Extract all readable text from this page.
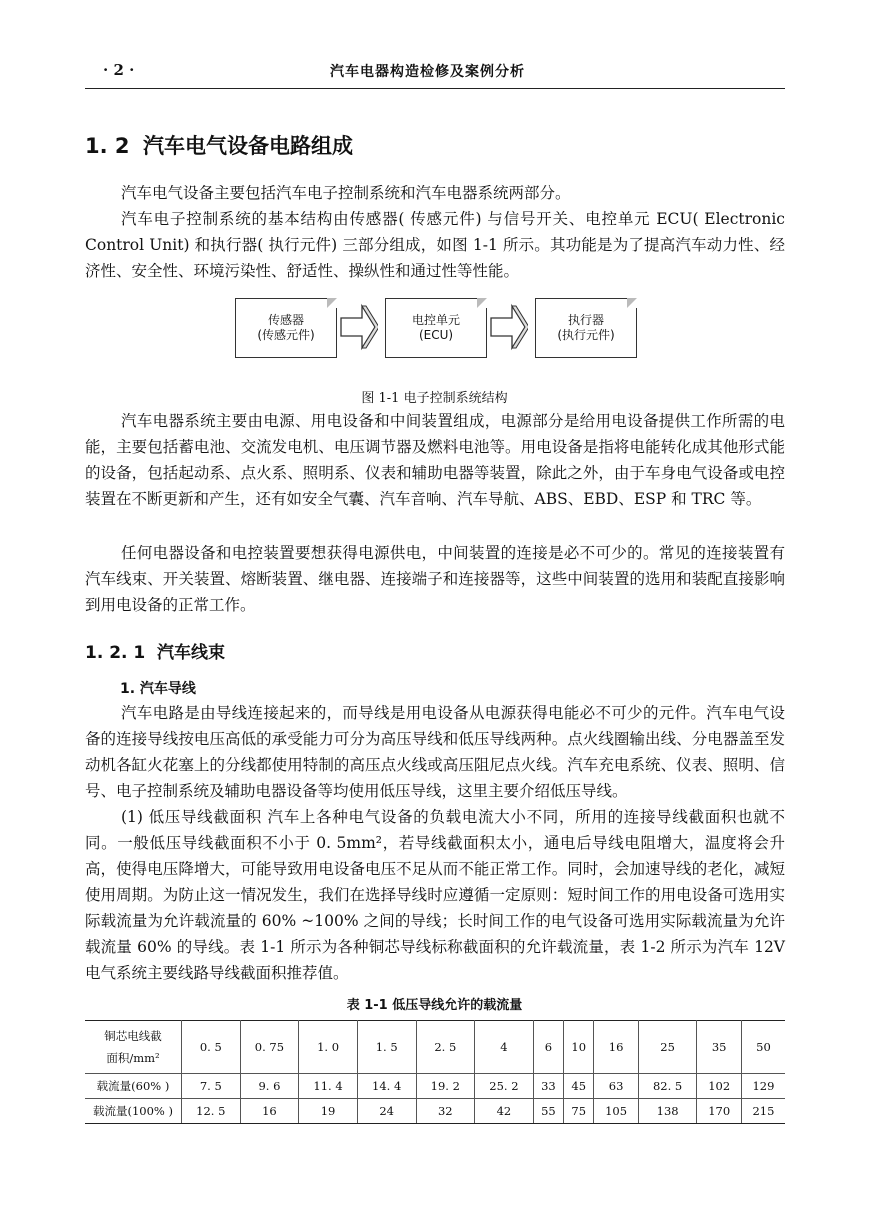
· 2 ·	汽车电器构造检修及案例分析
1. 2 汽车电气设备电路组成
汽车电气设备主要包括汽车电子控制系统和汽车电器系统两部分。
汽车电子控制系统的基本结构由传感器( 传感元件) 与信号开关、电控单元 ECU( Electronic Control Unit) 和执行器( 执行元件) 三部分组成，如图 1-1 所示。其功能是为了提高汽车动力性、经济性、安全性、环境污染性、舒适性、操纵性和通过性等性能。
传感器
(传感元件)
电控单元
(ECU)
执行器
(执行元件)
图 1-1 电子控制系统结构
汽车电器系统主要由电源、用电设备和中间装置组成，电源部分是给用电设备提供工作所需的电能，主要包括蓄电池、交流发电机、电压调节器及燃料电池等。用电设备是指将电能转化成其他形式能的设备，包括起动系、点火系、照明系、仪表和辅助电器等装置，除此之外，由于车身电气设备或电控装置在不断更新和产生，还有如安全气囊、汽车音响、汽车导航、ABS、EBD、ESP 和 TRC 等。
任何电器设备和电控装置要想获得电源供电，中间装置的连接是必不可少的。常见的连接装置有汽车线束、开关装置、熔断装置、继电器、连接端子和连接器等，这些中间装置的选用和装配直接影响到用电设备的正常工作。
1. 2. 1 汽车线束
1. 汽车导线
汽车电路是由导线连接起来的，而导线是用电设备从电源获得电能必不可少的元件。汽车电气设备的连接导线按电压高低的承受能力可分为高压导线和低压导线两种。点火线圈输出线、分电器盖至发动机各缸火花塞上的分线都使用特制的高压点火线或高压阻尼点火线。汽车充电系统、仪表、照明、信号、电子控制系统及辅助电器设备等均使用低压导线，这里主要介绍低压导线。
(1) 低压导线截面积 汽车上各种电气设备的负载电流大小不同，所用的连接导线截面积也就不同。一般低压导线截面积不小于 0. 5mm²，若导线截面积太小，通电后导线电阻增大，温度将会升高，使得电压降增大，可能导致用电设备电压不足从而不能正常工作。同时，会加速导线的老化，减短使用周期。为防止这一情况发生，我们在选择导线时应遵循一定原则：短时间工作的用电设备可选用实际载流量为允许载流量的 60% ~100% 之间的导线；长时间工作的电气设备可选用实际载流量为允许载流量 60% 的导线。表 1-1 所示为各种铜芯导线标称截面积的允许载流量，表 1-2 所示为汽车 12V 电气系统主要线路导线截面积推荐值。
表 1-1 低压导线允许的载流量
铜芯电线截
面积/mm²	0. 5	0. 75	1. 0	1. 5	2. 5	4	6	10	16	25	35	50
载流量(60% )	7. 5	9. 6	11. 4	14. 4	19. 2	25. 2	33	45	63	82. 5	102	129
载流量(100% )	12. 5	16	19	24	32	42	55	75	105	138	170	215
